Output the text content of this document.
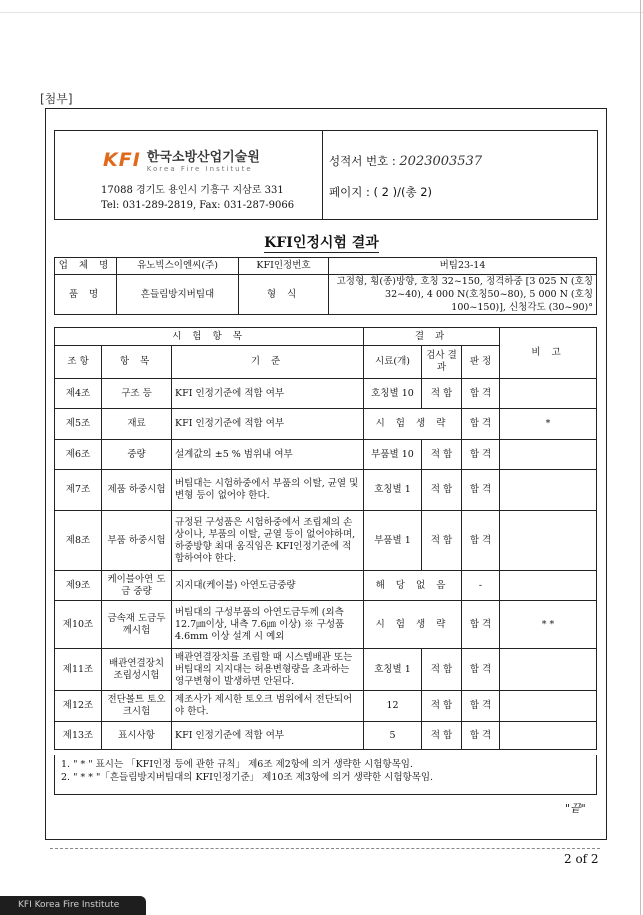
[첨부]
KFI 한국소방산업기술원
Korea Fire Institute
17088 경기도 용인시 기흥구 지삼로 331
Tel: 031-289-2819, Fax: 031-287-9066
성적서 번호 : 2023003537
페이지 : ( 2 )/(총 2)
KFI인정시험 결과
업 체 명	유노빅스이엔씨(주)	KFI인정번호	버팀23-14
품 명	흔들림방지버팀대	형 식	고정형, 횡(종)방향, 호칭 32~150, 정격하중 [3 025 N (호칭32~40), 4 000 N(호칭50~80), 5 000 N (호칭100~150)], 신청각도 (30~90)°
시 험 항 목			결 과			비 고
조 항	항 목	기 준	시료(개)	검사 결과	판 정	
제4조	구조 등	KFI 인정기준에 적합 여부	호칭별 10	적 합	합 격	
제5조	재료	KFI 인정기준에 적합 여부	시 험 생 략		합 격	*
제6조	중량	설계값의 ±5 % 범위내 여부	부품별 10	적 합	합 격	
제7조	제품 하중시험	버팀대는 시험하중에서 부품의 이탈, 균열 및 변형 등이 없어야 한다.	호칭별 1	적 합	합 격	
제8조	부품 하중시험	규정된 구성품은 시험하중에서 조립체의 손상이나, 부품의 이탈, 균열 등이 없어야하며, 하중방향 최대 움직임은 KFI인정기준에 적합하여야 한다.	부품별 1	적 합	합 격	
제9조	케이블아연 도금 중량	지지대(케이블) 아연도금중량	해 당 없 음		-	
제10조	금속재 도금두께시험	버팀대의 구성부품의 아연도금두께 (외측 12.7㎛이상, 내측 7.6㎛ 이상) ※ 구성품 4.6mm 이상 설계 시 예외	시 험 생 략		합 격	* *
제11조	배관연결장치 조립성시험	배관연결장치를 조립할 때 시스템배관 또는 버팀대의 지지대는 허용변형량을 초과하는 영구변형이 발생하면 안된다.	호칭별 1	적 합	합 격	
제12조	전단볼트 토오크시험	제조사가 제시한 토오크 범위에서 전단되어야 한다.	12	적 합	합 격	
제13조	표시사항	KFI 인정기준에 적합 여부	5	적 합	합 격	
1. " * " 표시는 「KFI인정 등에 관한 규칙」 제6조 제2항에 의거 생략한 시험항목임.
2. " * * "「흔들림방지버팀대의 KFI인정기준」 제10조 제3항에 의거 생략한 시험항목임.
"끝"
2 of 2
KFI Korea Fire Institute
